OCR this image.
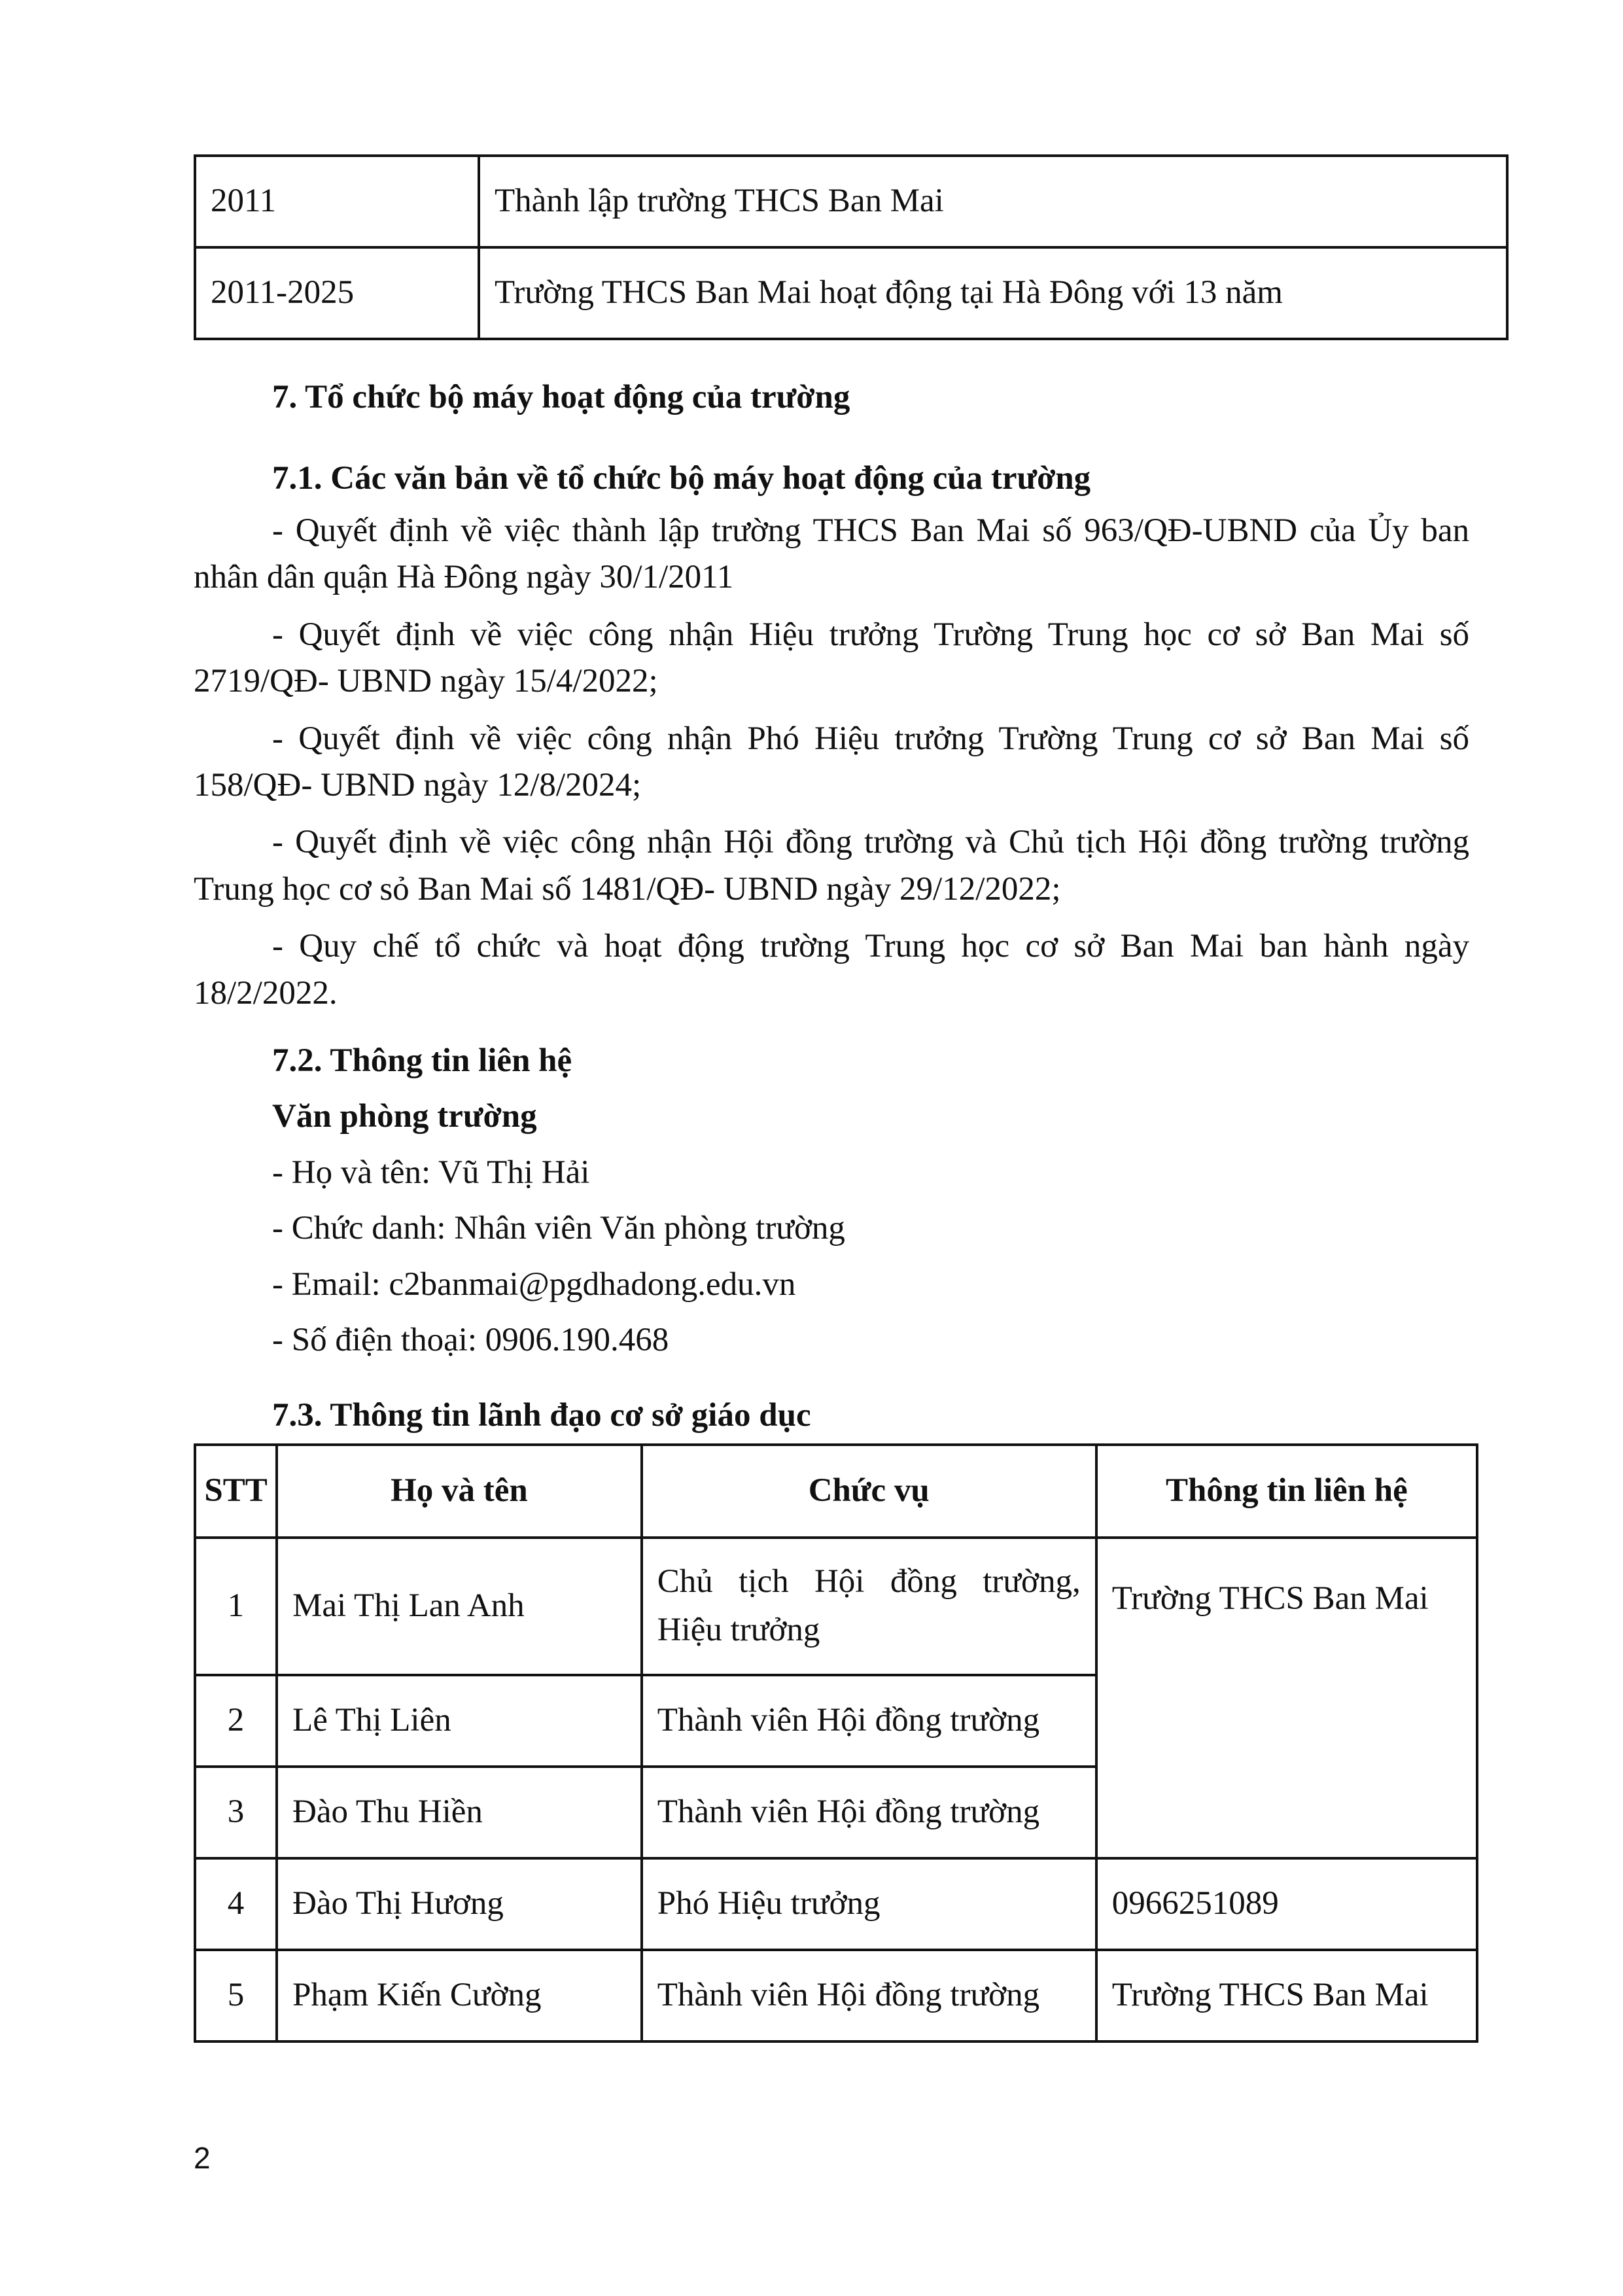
2011	Thành lập trường THCS Ban Mai
2011-2025	Trường THCS Ban Mai hoạt động tại Hà Đông với 13 năm
7. Tổ chức bộ máy hoạt động của trường
7.1. Các văn bản về tổ chức bộ máy hoạt động của trường

- Quyết định về việc thành lập trường THCS Ban Mai số 963/QĐ-UBND của Ủy ban nhân dân quận Hà Đông ngày 30/1/2011

- Quyết định về việc công nhận Hiệu trưởng Trường Trung học cơ sở Ban Mai số 2719/QĐ- UBND ngày 15/4/2022;

- Quyết định về việc công nhận Phó Hiệu trưởng Trường Trung cơ sở Ban Mai số 158/QĐ- UBND ngày 12/8/2024;

- Quyết định về việc công nhận Hội đồng trường và Chủ tịch Hội đồng trường trường Trung học cơ sỏ Ban Mai số 1481/QĐ- UBND ngày 29/12/2022;

- Quy chế tổ chức và hoạt động trường Trung học cơ sở Ban Mai ban hành ngày 18/2/2022.

7.2. Thông tin liên hệ

Văn phòng trường

- Họ và tên: Vũ Thị Hải

- Chức danh: Nhân viên Văn phòng trường

- Email: c2banmai@pgdhadong.edu.vn

- Số điện thoại: 0906.190.468

7.3. Thông tin lãnh đạo cơ sở giáo dục
STT	Họ và tên	Chức vụ	Thông tin liên hệ
1	Mai Thị Lan Anh	Chủ tịch Hội đồng trường, Hiệu trưởng	Trường THCS Ban Mai
2	Lê Thị Liên	Thành viên Hội đồng trường	
3	Đào Thu Hiền	Thành viên Hội đồng trường	
4	Đào Thị Hương	Phó Hiệu trưởng	0966251089
5	Phạm Kiến Cường	Thành viên Hội đồng trường	Trường THCS Ban Mai
2
